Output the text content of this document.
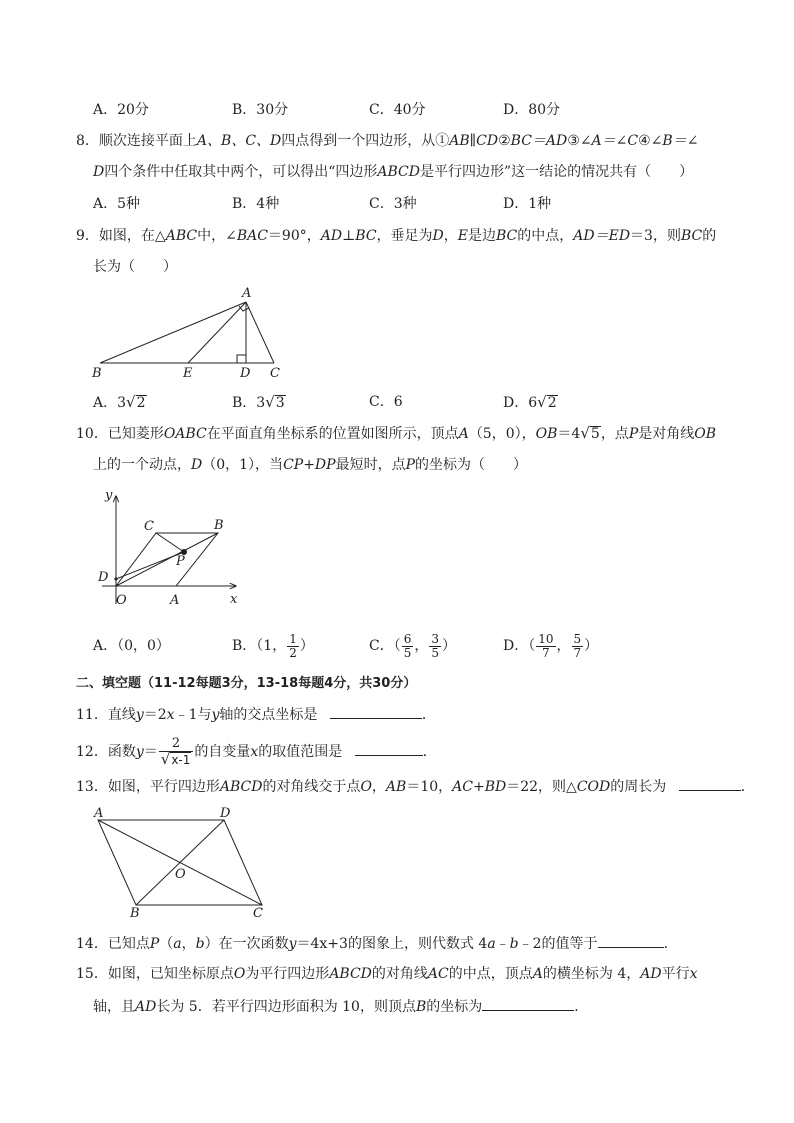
A．20分	B．30分	C．40分	D．80分
8．顺次连接平面上A、B、C、D四点得到一个四边形，从①AB∥CD②BC＝AD③∠A＝∠C④∠B＝∠
D四个条件中任取其中两个，可以得出“四边形ABCD是平行四边形”这一结论的情况共有（　　）
A．5种	B．4种	C．3种	D．1种
9．如图，在△ABC中，∠BAC＝90°，AD⊥BC，垂足为D，E是边BC的中点，AD＝ED＝3，则BC的
长为（　　）
A
B	E	D C
A．3√2	B．3√3	C．6	D．6√2
10．已知菱形OABC在平面直角坐标系的位置如图所示，顶点A（5，0），OB＝4√5，点P是对角线OB
上的一个动点，D（0，1），当CP+DP最短时，点P的坐标为（　　）
y
x
C	B
P
D
O	A
A．（0，0）	B．（1， $\frac{1}{2}$ ）	C．（ $\frac{6}{5}$ ， $\frac{3}{5}$ ）	D．（ $\frac{10}{7}$ ， $\frac{5}{7}$ ）
二、填空题（11-12每题3分，13-18每题4分，共30分）
11．直线y＝2x﹣1与y轴的交点坐标是	．
12．函数$y= \frac{2}{√x-1}$ 的自变量x的取值范围是	．
13．如图，平行四边形ABCD的对角线交于点O，AB＝10，AC+BD＝22，则△COD的周长为	．
A	D
O
B	C
14．已知点P（a，b）在一次函数y＝4x+3的图象上，则代数式 4a﹣b﹣2的值等于	．
15．如图，已知坐标原点O为平行四边形ABCD的对角线AC的中点，顶点A的横坐标为 4，AD平行x
轴，且AD长为 5．若平行四边形面积为 10，则顶点B的坐标为	．
